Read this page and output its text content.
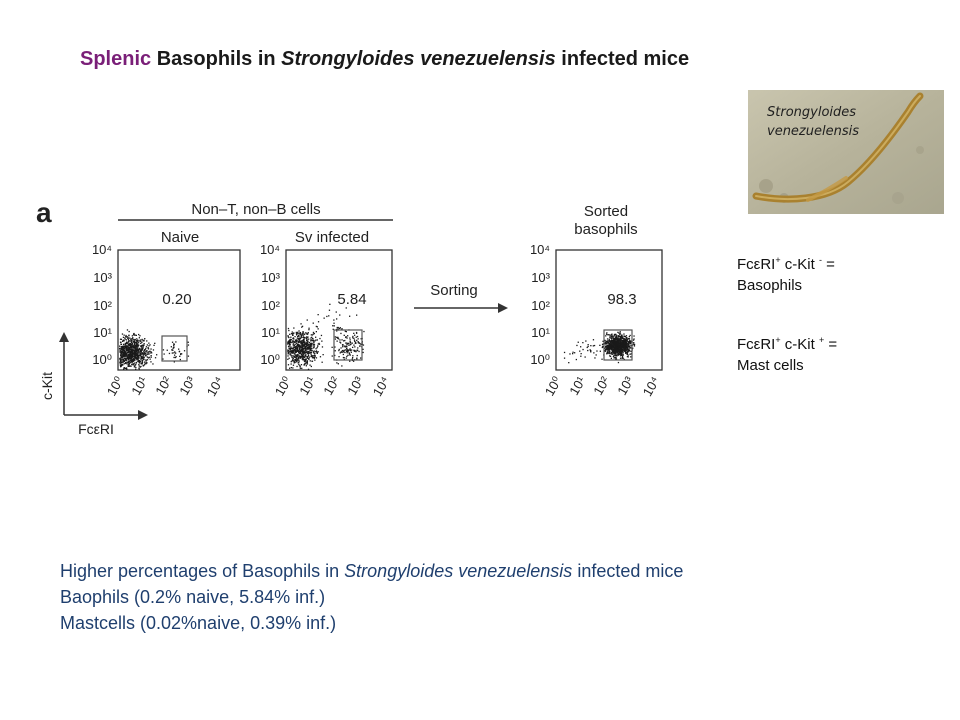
Splenic Basophils in Strongyloides venezuelensis infected mice
Strongyloides
venezuelensis
a	Non–T, non–B cells	Sorted
basophils
Naive
0.20
Sv infected
5.84
Sorting
98.3
c-Kit
FcεRI
10⁴
10³
10²
10¹
10⁰
10⁴
10³
10²
10¹
10⁰
10⁴
10³
10²
10¹
10⁰
10⁰ 10¹ 10² 10³ 10⁴	10⁰ 10¹ 10² 10³ 10⁴	10⁰ 10¹ 10² 10³ 10⁴
FcεRI+ c-Kit - =
Basophils
FcεRI+ c-Kit + =
Mast cells
Higher percentages of Basophils in Strongyloides venezuelensis infected mice
Baophils (0.2% naive, 5.84% inf.)
Mastcells (0.02%naive, 0.39% inf.)
